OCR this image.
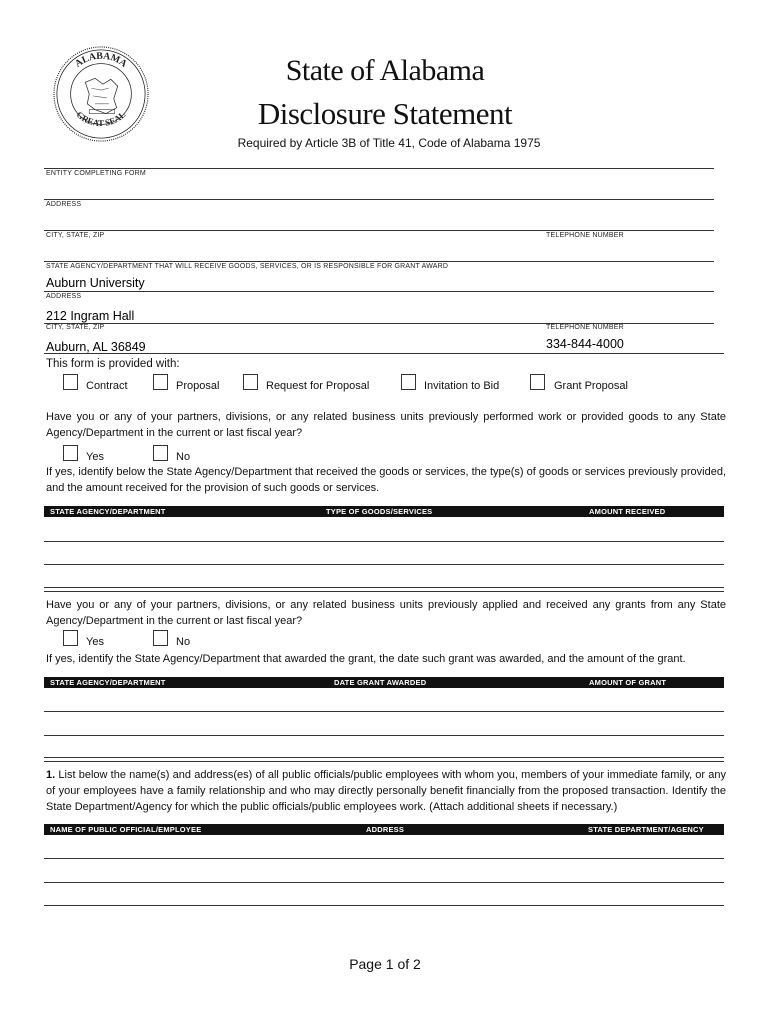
ALABAMA
GREAT SEAL
State of Alabama
Disclosure Statement
Required by Article 3B of Title 41, Code of Alabama 1975
ENTITY COMPLETING FORM
ADDRESS
CITY, STATE, ZIP	TELEPHONE NUMBER
STATE AGENCY/DEPARTMENT THAT WILL RECEIVE GOODS, SERVICES, OR IS RESPONSIBLE FOR GRANT AWARD
Auburn University
ADDRESS
212 Ingram Hall
CITY, STATE, ZIP	TELEPHONE NUMBER
Auburn, AL 36849	334-844-4000
This form is provided with:
Contract	Proposal	Request for Proposal	Invitation to Bid	Grant Proposal
Have you or any of your partners, divisions, or any related business units previously performed work or provided goods to any State Agency/Department in the current or last fiscal year?
Yes	No
If yes, identify below the State Agency/Department that received the goods or services, the type(s) of goods or services previously provided, and the amount received for the provision of such goods or services.
STATE AGENCY/DEPARTMENT	TYPE OF GOODS/SERVICES	AMOUNT RECEIVED
Have you or any of your partners, divisions, or any related business units previously applied and received any grants from any State Agency/Department in the current or last fiscal year?
Yes	No
If yes, identify the State Agency/Department that awarded the grant, the date such grant was awarded, and the amount of the grant.
STATE AGENCY/DEPARTMENT	DATE GRANT AWARDED	AMOUNT OF GRANT
1. List below the name(s) and address(es) of all public officials/public employees with whom you, members of your immediate family, or any of your employees have a family relationship and who may directly personally benefit financially from the proposed transaction. Identify the State Department/Agency for which the public officials/public employees work. (Attach additional sheets if necessary.)
NAME OF PUBLIC OFFICIAL/EMPLOYEE	ADDRESS	STATE DEPARTMENT/AGENCY
Page 1 of 2
